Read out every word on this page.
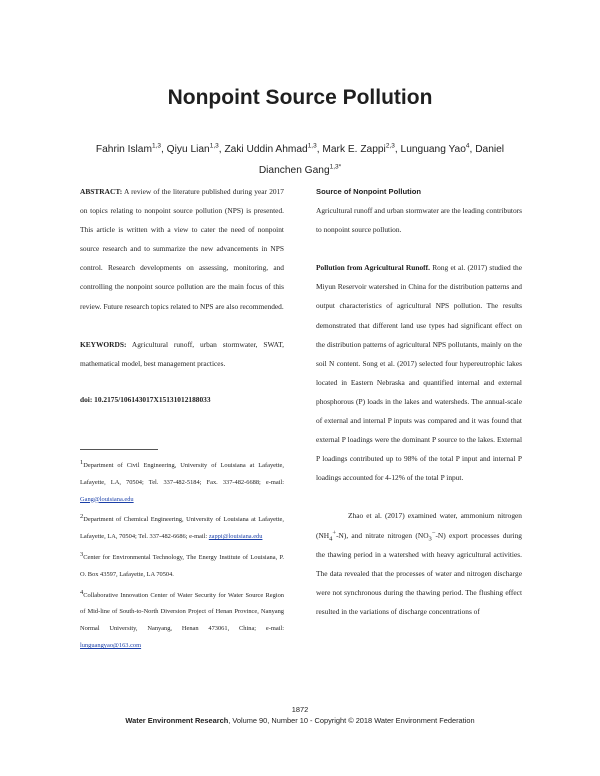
Nonpoint Source Pollution
Fahrin Islam$^{1,3}$, Qiyu Lian$^{1,3}$, Zaki Uddin Ahmad$^{1,3}$, Mark E. Zappi$^{2,3}$, Lunguang Yao$^4$, Daniel Dianchen Gang$^{1,3*}$

ABSTRACT: A review of the literature published during year 2017 on topics relating to nonpoint source pollution (NPS) is presented. This article is written with a view to cater the need of nonpoint source research and to summarize the new advancements in NPS control. Research developments on assessing, monitoring, and controlling the nonpoint source pollution are the main focus of this review. Future research topics related to NPS are also recommended.

KEYWORDS: Agricultural runoff, urban stormwater, SWAT, mathematical model, best management practices.

doi: 10.2175/106143017X15131012188033

$^1$Department of Civil Engineering, University of Louisiana at Lafayette, Lafayette, LA, 70504; Tel. 337-482-5184; Fax. 337-482-6688; e-mail: Gang@louisiana.edu

$^2$Department of Chemical Engineering, University of Louisiana at Lafayette, Lafayette, LA, 70504; Tel. 337-482-6686; e-mail: zappi@louisiana.edu

$^3$Center for Environmental Technology, The Energy Institute of Louisiana, P. O. Box 43597, Lafayette, LA 70504.

$^4$Collaborative Innovation Center of Water Security for Water Source Region of Mid-line of South-to-North Diversion Project of Henan Province, Nanyang Normal University, Nanyang, Henan 473061, China; e-mail: lunguangyao@163.com

Source of Nonpoint Pollution

Agricultural runoff and urban stormwater are the leading contributors to nonpoint source pollution.

Pollution from Agricultural Runoff. Rong et al. (2017) studied the Miyun Reservoir watershed in China for the distribution patterns and output characteristics of agricultural NPS pollution. The results demonstrated that different land use types had significant effect on the distribution patterns of agricultural NPS pollutants, mainly on the soil N content. Song et al. (2017) selected four hypereutrophic lakes located in Eastern Nebraska and quantified internal and external phosphorous (P) loads in the lakes and watersheds. The annual-scale of external and internal P inputs was compared and it was found that external P loadings were the dominant P source to the lakes. External P loadings contributed up to 98% of the total P input and internal P loadings accounted for 4-12% of the total P input.

Zhao et al. (2017) examined water, ammonium nitrogen $(NH_4^+-N)$, and nitrate nitrogen $(NO_3^--N)$ export processes during the thawing period in a watershed with heavy agricultural activities. The data revealed that the processes of water and nitrogen discharge were not synchronous during the thawing period. The flushing effect resulted in the variations of discharge concentrations of

1872
Water Environment Research, Volume 90, Number 10 - Copyright © 2018 Water Environment Federation
